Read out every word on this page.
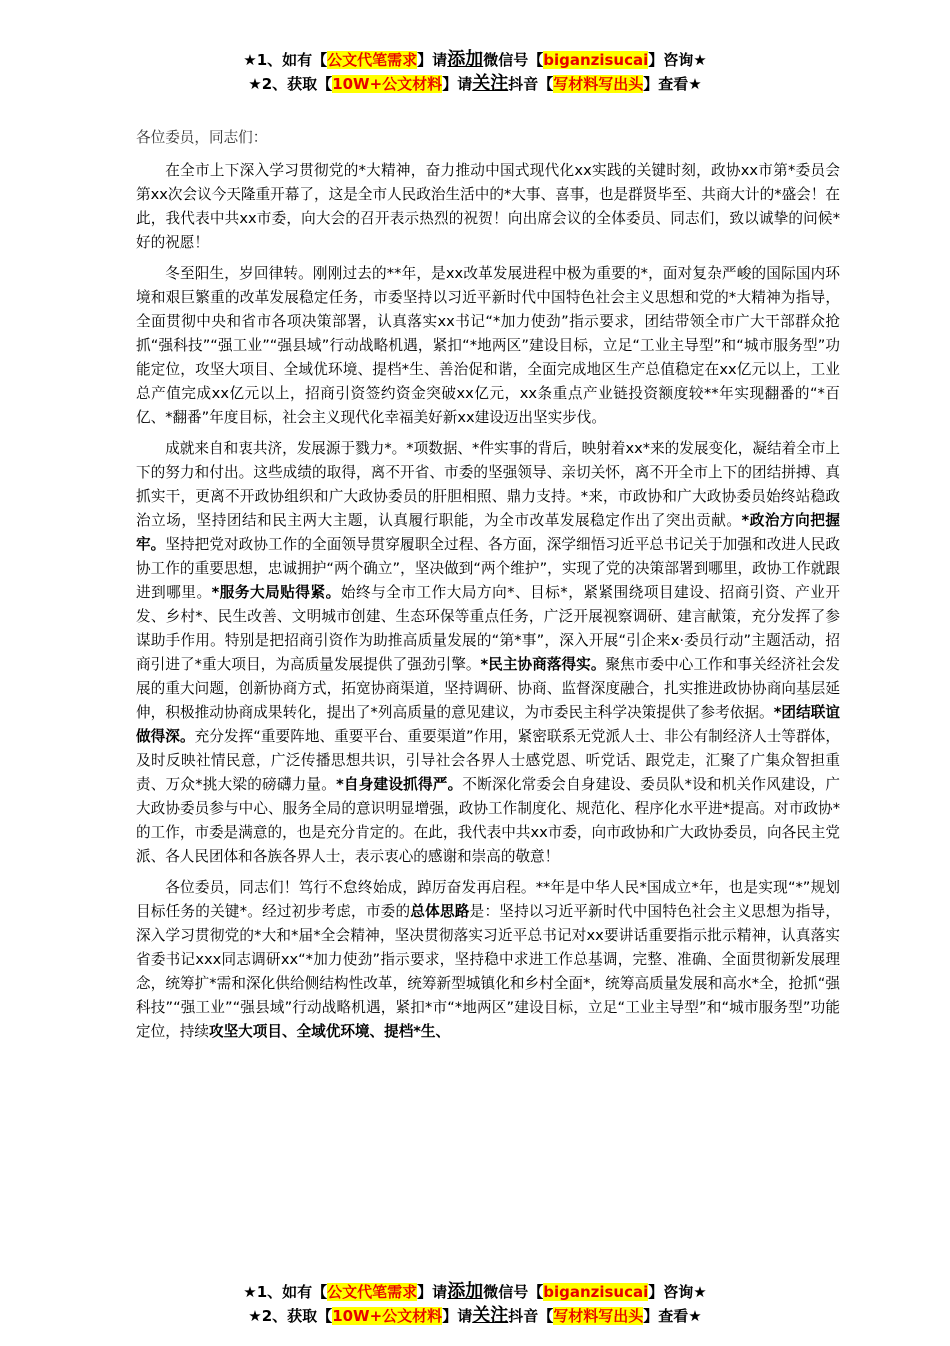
★1、如有【公文代笔需求】请添加微信号【biganzisucai】咨询★
★2、获取【10W+公文材料】请关注抖音【写材料写出头】查看★

各位委员，同志们：

在全市上下深入学习贯彻党的*大精神，奋力推动中国式现代化xx实践的关键时刻，政协xx市第*委员会第xx次会议今天隆重开幕了，这是全市人民政治生活中的*大事、喜事，也是群贤毕至、共商大计的*盛会！在此，我代表中共xx市委，向大会的召开表示热烈的祝贺！向出席会议的全体委员、同志们，致以诚挚的问候*好的祝愿！

冬至阳生，岁回律转。刚刚过去的**年，是xx改革发展进程中极为重要的*，面对复杂严峻的国际国内环境和艰巨繁重的改革发展稳定任务，市委坚持以习近平新时代中国特色社会主义思想和党的*大精神为指导，全面贯彻中央和省市各项决策部署，认真落实xx书记“*加力使劲”指示要求，团结带领全市广大干部群众抢抓“强科技”“强工业”“强县域”行动战略机遇，紧扣“*地两区”建设目标，立足“工业主导型”和“城市服务型”功能定位，攻坚大项目、全域优环境、提档*生、善治促和谐，全面完成地区生产总值稳定在xx亿元以上，工业总产值完成xx亿元以上，招商引资签约资金突破xx亿元，xx条重点产业链投资额度较**年实现翻番的“*百亿、*翻番”年度目标，社会主义现代化幸福美好新xx建设迈出坚实步伐。

成就来自和衷共济，发展源于戮力*。*项数据、*件实事的背后，映射着xx*来的发展变化，凝结着全市上下的努力和付出。这些成绩的取得，离不开省、市委的坚强领导、亲切关怀，离不开全市上下的团结拼搏、真抓实干，更离不开政协组织和广大政协委员的肝胆相照、鼎力支持。*来，市政协和广大政协委员始终站稳政治立场，坚持团结和民主两大主题，认真履行职能，为全市改革发展稳定作出了突出贡献。*政治方向把握牢。坚持把党对政协工作的全面领导贯穿履职全过程、各方面，深学细悟习近平总书记关于加强和改进人民政协工作的重要思想，忠诚拥护“两个确立”，坚决做到“两个维护”，实现了党的决策部署到哪里，政协工作就跟进到哪里。*服务大局贴得紧。始终与全市工作大局方向*、目标*，紧紧围绕项目建设、招商引资、产业开发、乡村*、民生改善、文明城市创建、生态环保等重点任务，广泛开展视察调研、建言献策，充分发挥了参谋助手作用。特别是把招商引资作为助推高质量发展的“第*事”，深入开展“引企来x·委员行动”主题活动，招商引进了*重大项目，为高质量发展提供了强劲引擎。*民主协商落得实。聚焦市委中心工作和事关经济社会发展的重大问题，创新协商方式，拓宽协商渠道，坚持调研、协商、监督深度融合，扎实推进政协协商向基层延伸，积极推动协商成果转化，提出了*列高质量的意见建议，为市委民主科学决策提供了参考依据。*团结联谊做得深。充分发挥“重要阵地、重要平台、重要渠道”作用，紧密联系无党派人士、非公有制经济人士等群体，及时反映社情民意，广泛传播思想共识，引导社会各界人士感党恩、听党话、跟党走，汇聚了广集众智担重责、万众*挑大梁的磅礴力量。*自身建设抓得严。不断深化常委会自身建设、委员队*设和机关作风建设，广大政协委员参与中心、服务全局的意识明显增强，政协工作制度化、规范化、程序化水平进*提高。对市政协*的工作，市委是满意的，也是充分肯定的。在此，我代表中共xx市委，向市政协和广大政协委员，向各民主党派、各人民团体和各族各界人士，表示衷心的感谢和崇高的敬意！

各位委员，同志们！笃行不怠终始成，踔厉奋发再启程。**年是中华人民*国成立*年，也是实现“*”规划目标任务的关键*。经过初步考虑，市委的总体思路是：坚持以习近平新时代中国特色社会主义思想为指导，深入学习贯彻党的*大和*届*全会精神，坚决贯彻落实习近平总书记对xx要讲话重要指示批示精神，认真落实省委书记xxx同志调研xx“*加力使劲”指示要求，坚持稳中求进工作总基调，完整、准确、全面贯彻新发展理念，统筹扩*需和深化供给侧结构性改革，统筹新型城镇化和乡村全面*，统筹高质量发展和高水*全，抢抓“强科技”“强工业”“强县域”行动战略机遇，紧扣*市“*地两区”建设目标，立足“工业主导型”和“城市服务型”功能定位，持续攻坚大项目、全域优环境、提档*生、

★1、如有【公文代笔需求】请添加微信号【biganzisucai】咨询★
★2、获取【10W+公文材料】请关注抖音【写材料写出头】查看★
